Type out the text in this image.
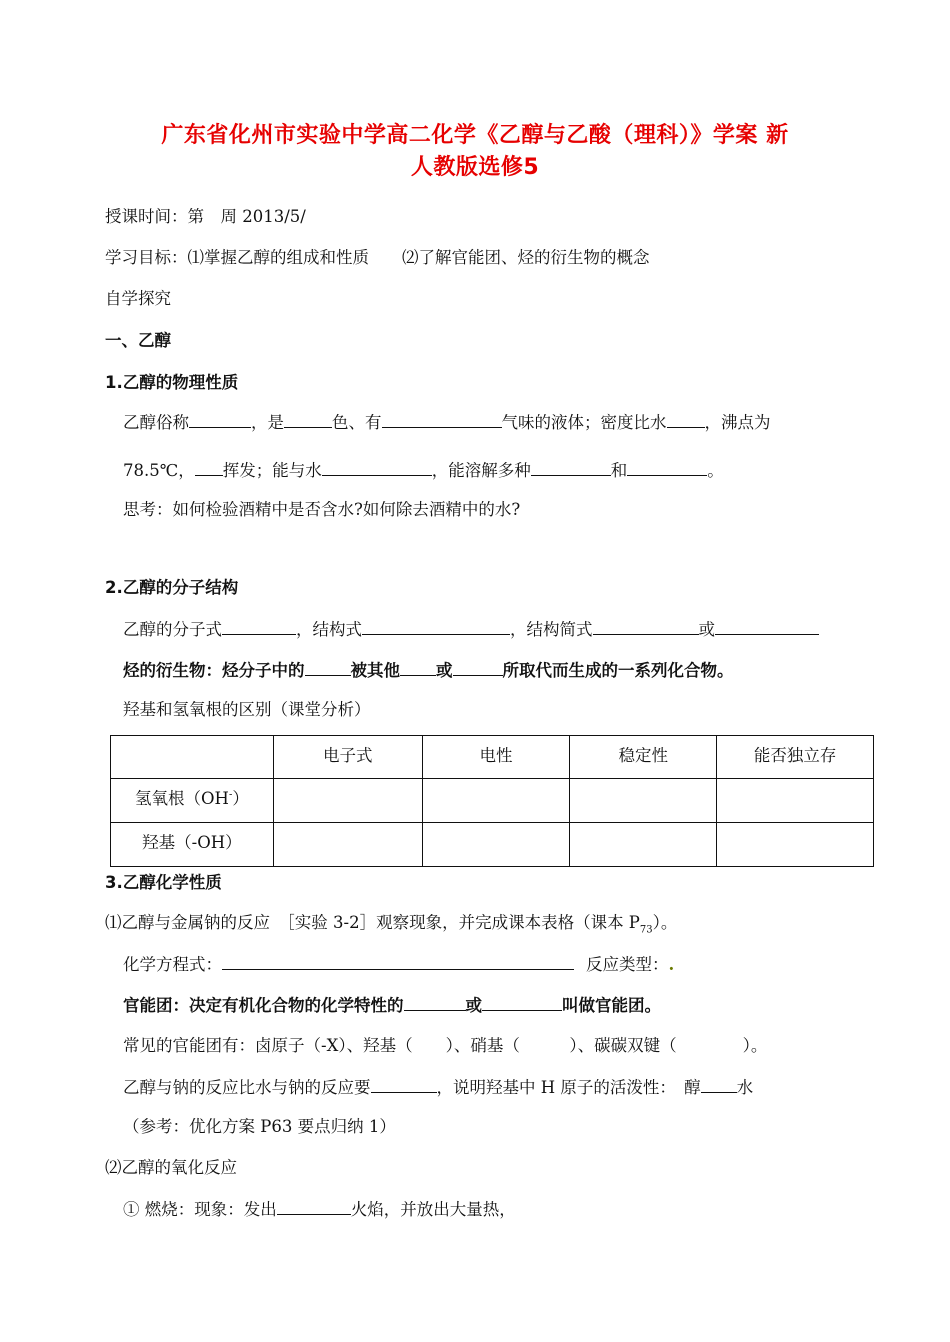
广东省化州市实验中学高二化学《乙醇与乙酸（理科）》学案 新
人教版选修5
授课时间：第　周 2013/5/
学习目标：⑴掌握乙醇的组成和性质　　⑵了解官能团、烃的衍生物的概念
自学探究
一、乙醇
1.乙醇的物理性质
乙醇俗称	，是	色、有	气味的液体；密度比水 ，沸点为
78.5℃， 挥发；能与水	，能溶解多种	和	。
思考：如何检验酒精中是否含水?如何除去酒精中的水?
2.乙醇的分子结构
乙醇的分子式	，结构式	，结构简式	或
烃的衍生物：烃分子中的	被其他 或	所取代而生成的一系列化合物。
羟基和氢氧根的区别（课堂分析）
	电子式	电性	稳定性	能否独立存
氢氧根（OH-）				
羟基（-OH）				
3.乙醇化学性质
⑴乙醇与金属钠的反应　［实验 3-2］观察现象，并完成课本表格（课本 $P_{73}$）。
化学方程式：	反应类型：.
官能团：决定有机化合物的化学特性的	或	叫做官能团。
常见的官能团有：卤原子（-X）、羟基（　　）、硝基（　　　）、碳碳双键（　　　　）。
乙醇与钠的反应比水与钠的反应要	，说明羟基中 H 原子的活泼性：　醇 水
（参考：优化方案 P63 要点归纳 1）
⑵乙醇的氧化反应
① 燃烧：现象：发出	火焰，并放出大量热，
